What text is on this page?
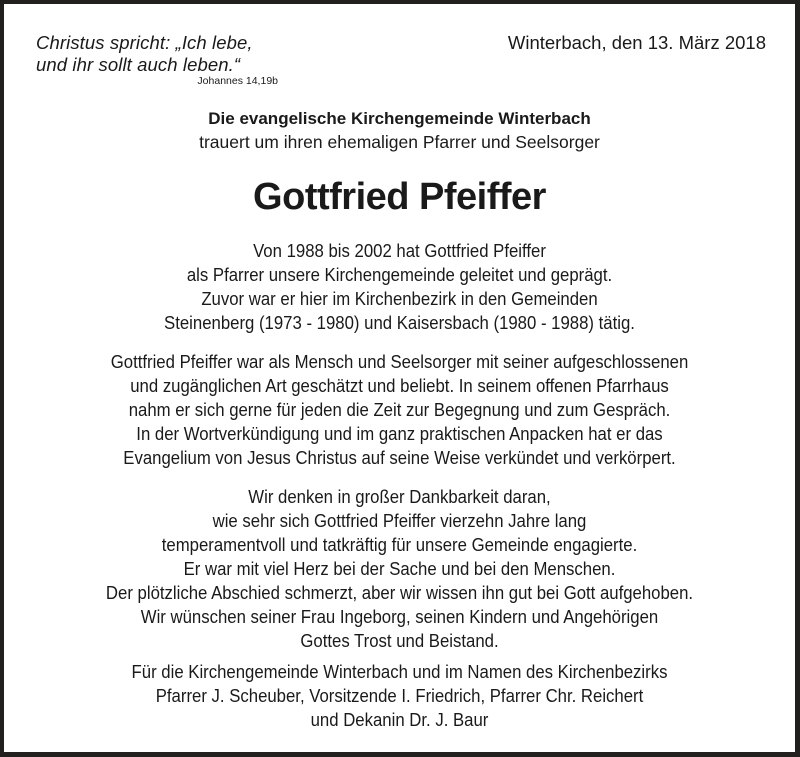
Christus spricht: „Ich lebe,
und ihr sollt auch leben.“
Johannes 14,19b
Winterbach, den 13. März 2018
Die evangelische Kirchengemeinde Winterbach
trauert um ihren ehemaligen Pfarrer und Seelsorger
Gottfried Pfeiffer
Von 1988 bis 2002 hat Gottfried Pfeiffer
als Pfarrer unsere Kirchengemeinde geleitet und geprägt.
Zuvor war er hier im Kirchenbezirk in den Gemeinden
Steinenberg (1973 - 1980) und Kaisersbach (1980 - 1988) tätig.
Gottfried Pfeiffer war als Mensch und Seelsorger mit seiner aufgeschlossenen
und zugänglichen Art geschätzt und beliebt. In seinem offenen Pfarrhaus
nahm er sich gerne für jeden die Zeit zur Begegnung und zum Gespräch.
In der Wortverkündigung und im ganz praktischen Anpacken hat er das
Evangelium von Jesus Christus auf seine Weise verkündet und verkörpert.
Wir denken in großer Dankbarkeit daran,
wie sehr sich Gottfried Pfeiffer vierzehn Jahre lang
temperamentvoll und tatkräftig für unsere Gemeinde engagierte.
Er war mit viel Herz bei der Sache und bei den Menschen.
Der plötzliche Abschied schmerzt, aber wir wissen ihn gut bei Gott aufgehoben.
Wir wünschen seiner Frau Ingeborg, seinen Kindern und Angehörigen
Gottes Trost und Beistand.
Für die Kirchengemeinde Winterbach und im Namen des Kirchenbezirks
Pfarrer J. Scheuber, Vorsitzende I. Friedrich, Pfarrer Chr. Reichert
und Dekanin Dr. J. Baur
